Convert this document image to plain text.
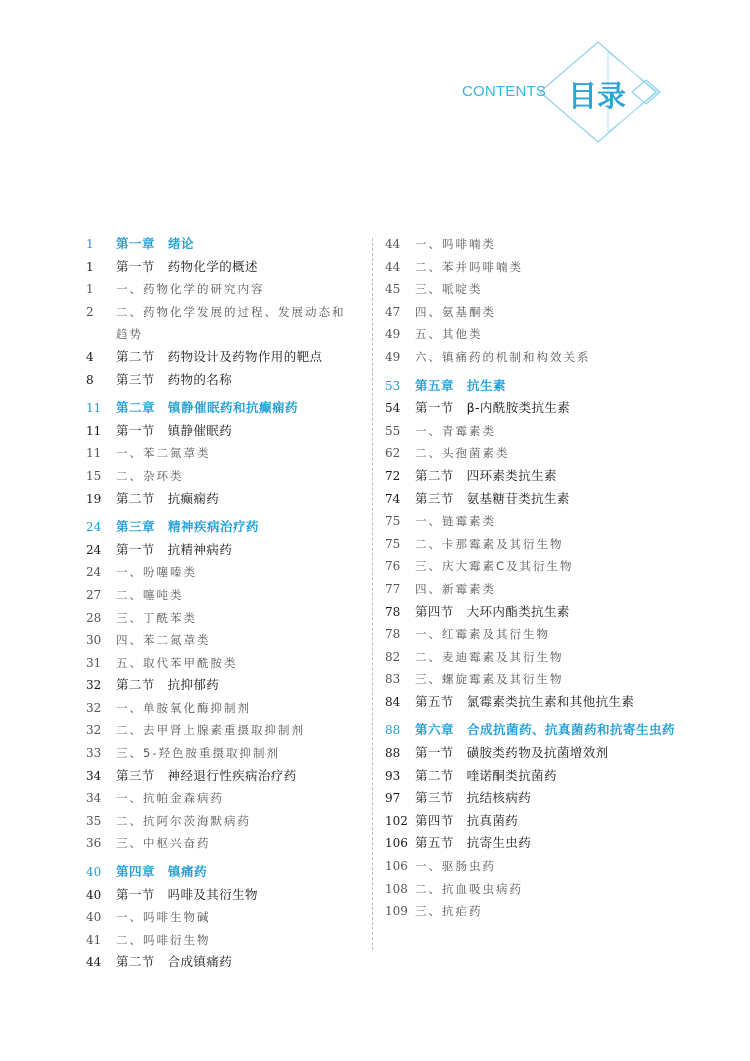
CONTENTS 目录
1	第一章　绪论
1	第一节　药物化学的概述
1	一、药物化学的研究内容
2	二、药物化学发展的过程、发展动态和趋势
4	第二节　药物设计及药物作用的靶点
8	第三节　药物的名称
11	第二章　镇静催眠药和抗癫痫药
11	第一节　镇静催眠药
11	一、苯二氮䓬类
15	二、杂环类
19	第二节　抗癫痫药
24	第三章　精神疾病治疗药
24	第一节　抗精神病药
24	一、吩噻嗪类
27	二、噻吨类
28	三、丁酰苯类
30	四、苯二氮䓬类
31	五、取代苯甲酰胺类
32	第二节　抗抑郁药
32	一、单胺氧化酶抑制剂
32	二、去甲肾上腺素重摄取抑制剂
33	三、5-羟色胺重摄取抑制剂
34	第三节　神经退行性疾病治疗药
34	一、抗帕金森病药
35	二、抗阿尔茨海默病药
36	三、中枢兴奋药
40	第四章　镇痛药
40	第一节　吗啡及其衍生物
40	一、吗啡生物碱
41	二、吗啡衍生物
44	第二节　合成镇痛药
44	一、吗啡喃类
44	二、苯并吗啡喃类
45	三、哌啶类
47	四、氨基酮类
49	五、其他类
49	六、镇痛药的机制和构效关系
53	第五章　抗生素
54	第一节　β-内酰胺类抗生素
55	一、青霉素类
62	二、头孢菌素类
72	第二节　四环素类抗生素
74	第三节　氨基糖苷类抗生素
75	一、链霉素类
75	二、卡那霉素及其衍生物
76	三、庆大霉素C及其衍生物
77	四、新霉素类
78	第四节　大环内酯类抗生素
78	一、红霉素及其衍生物
82	二、麦迪霉素及其衍生物
83	三、螺旋霉素及其衍生物
84	第五节　氯霉素类抗生素和其他抗生素
88	第六章　合成抗菌药、抗真菌药和抗寄生虫药
88	第一节　磺胺类药物及抗菌增效剂
93	第二节　喹诺酮类抗菌药
97	第三节　抗结核病药
102 第四节　抗真菌药
106 第五节　抗寄生虫药
106 一、驱肠虫药
108 二、抗血吸虫病药
109 三、抗疟药
